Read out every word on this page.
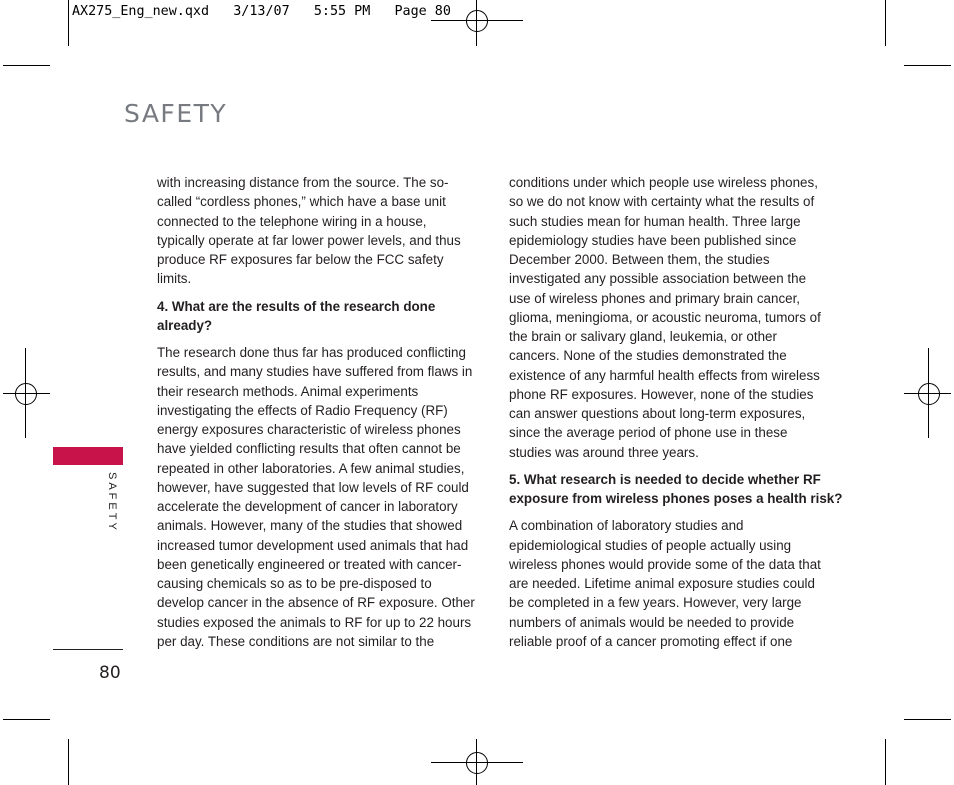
AX275_Eng_new.qxd   3/13/07   5:55 PM   Page 80
SAFETY
SAFETY
80
with increasing distance from the source. The so-
called “cordless phones,” which have a base unit
connected to the telephone wiring in a house,
typically operate at far lower power levels, and thus
produce RF exposures far below the FCC safety
limits.
4. What are the results of the research done
already?
The research done thus far has produced conflicting
results, and many studies have suffered from flaws in
their research methods. Animal experiments
investigating the effects of Radio Frequency (RF)
energy exposures characteristic of wireless phones
have yielded conflicting results that often cannot be
repeated in other laboratories. A few animal studies,
however, have suggested that low levels of RF could
accelerate the development of cancer in laboratory
animals. However, many of the studies that showed
increased tumor development used animals that had
been genetically engineered or treated with cancer-
causing chemicals so as to be pre-disposed to
develop cancer in the absence of RF exposure. Other
studies exposed the animals to RF for up to 22 hours
per day. These conditions are not similar to the
conditions under which people use wireless phones,
so we do not know with certainty what the results of
such studies mean for human health. Three large
epidemiology studies have been published since
December 2000. Between them, the studies
investigated any possible association between the
use of wireless phones and primary brain cancer,
glioma, meningioma, or acoustic neuroma, tumors of
the brain or salivary gland, leukemia, or other
cancers. None of the studies demonstrated the
existence of any harmful health effects from wireless
phone RF exposures. However, none of the studies
can answer questions about long-term exposures,
since the average period of phone use in these
studies was around three years.
5. What research is needed to decide whether RF
exposure from wireless phones poses a health risk?
A combination of laboratory studies and
epidemiological studies of people actually using
wireless phones would provide some of the data that
are needed. Lifetime animal exposure studies could
be completed in a few years. However, very large
numbers of animals would be needed to provide
reliable proof of a cancer promoting effect if one
